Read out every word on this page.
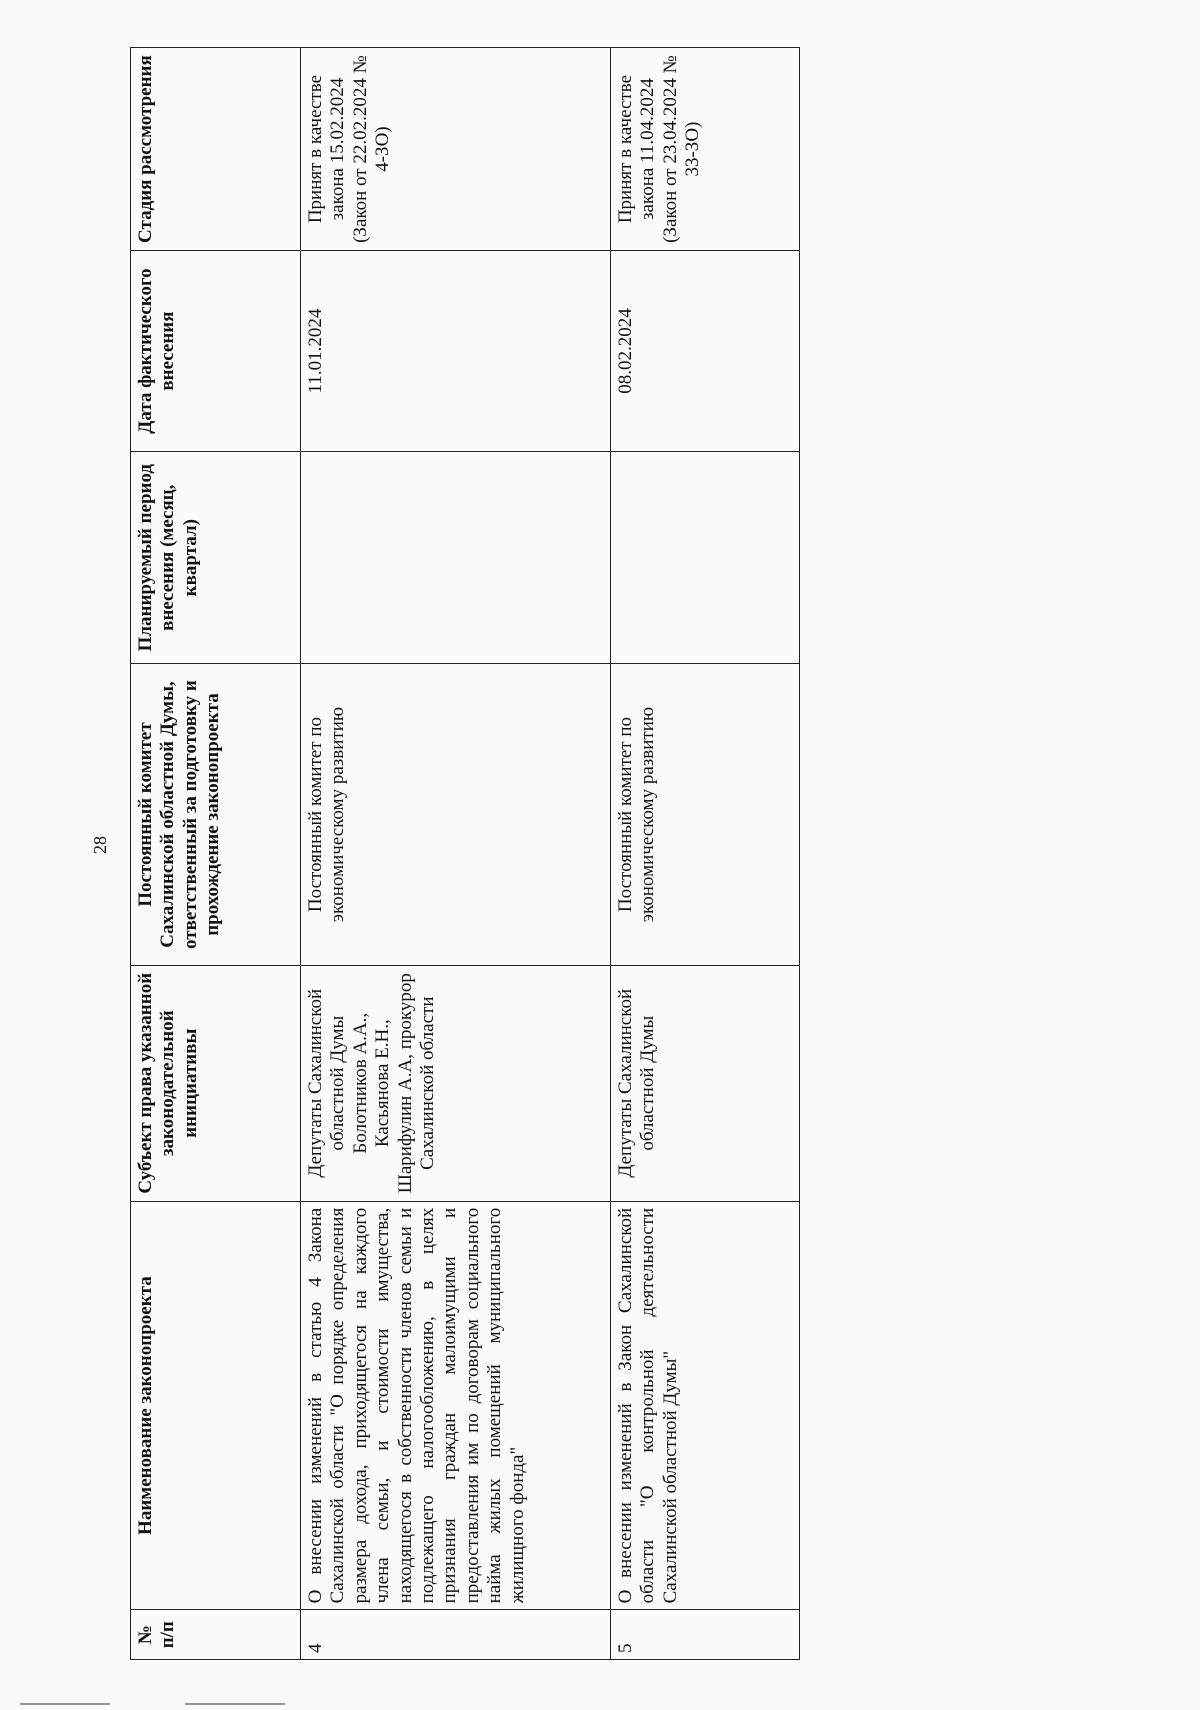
28
№ п/п	Наименование законопроекта	Субъект права указанной законодательной инициативы	Постоянный комитет Сахалинской областной Думы, ответственный за подготовку и прохождение законопроекта	Планируемый период внесения (месяц, квартал)	Дата фактического внесения	Стадия рассмотрения
4	О внесении изменений в статью 4 Закона Сахалинской области "О порядке определения размера дохода, приходящегося на каждого члена семьи, и стоимости имущества, находящегося в собственности членов семьи и подлежащего налогообложению, в целях признания граждан малоимущими и предоставления им по договорам социального найма жилых помещений муниципального жилищного фонда"	Депутаты Сахалинской областной Думы Болотников А.А., Касьянова Е.Н., Шарифулин А.А, прокурор Сахалинской области	Постоянный комитет по экономическому развитию		11.01.2024	Принят в качестве закона 15.02.2024 (Закон от 22.02.2024 № 4-ЗО)
5	О внесении изменений в Закон Сахалинской области "О контрольной деятельности Сахалинской областной Думы"	Депутаты Сахалинской областной Думы	Постоянный комитет по экономическому развитию		08.02.2024	Принят в качестве закона 11.04.2024 (Закон от 23.04.2024 № 33-ЗО)
